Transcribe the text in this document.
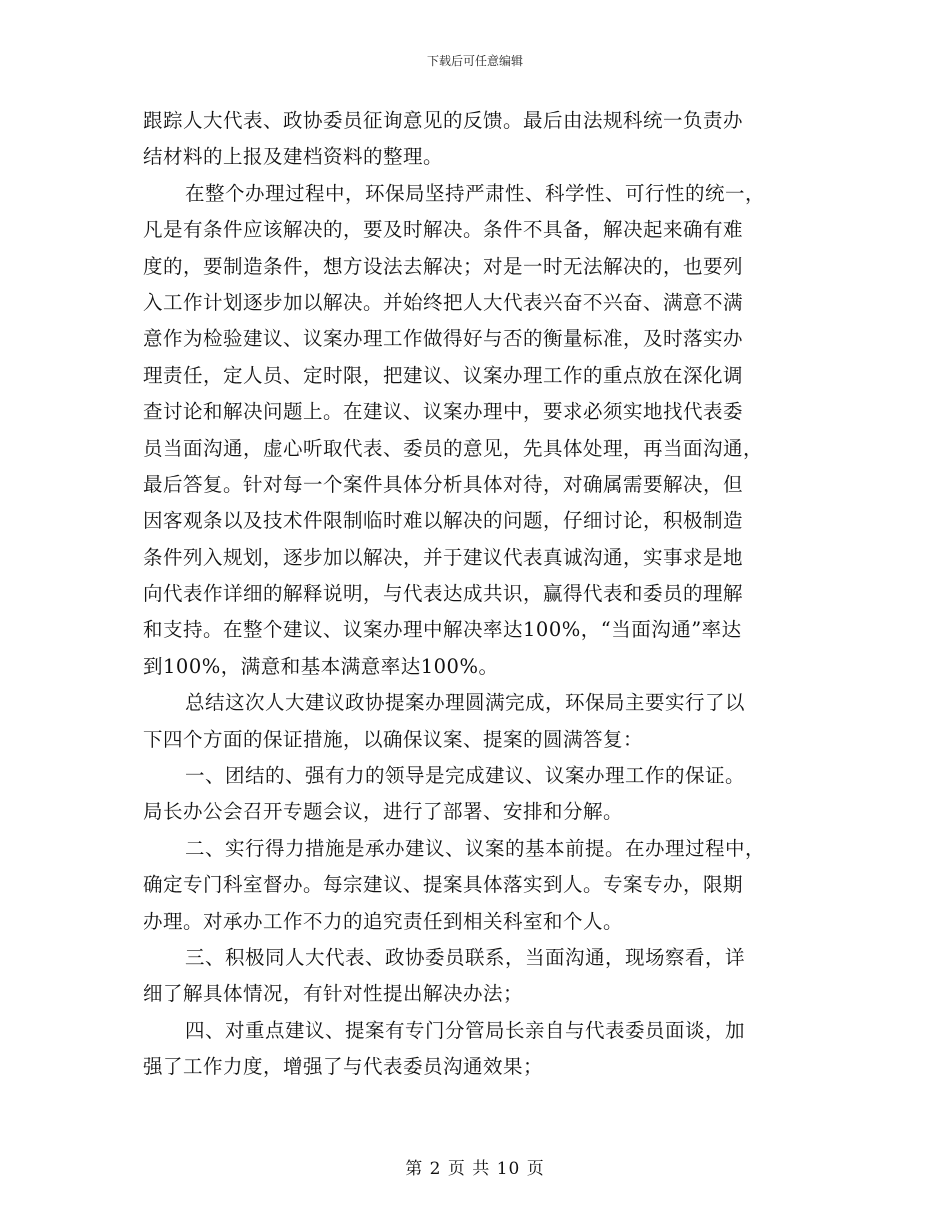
下载后可任意编辑
跟踪人大代表、政协委员征询意见的反馈。最后由法规科统一负责办
结材料的上报及建档资料的整理。
在整个办理过程中，环保局坚持严肃性、科学性、可行性的统一，
凡是有条件应该解决的，要及时解决。条件不具备，解决起来确有难
度的，要制造条件，想方设法去解决；对是一时无法解决的，也要列
入工作计划逐步加以解决。并始终把人大代表兴奋不兴奋、满意不满
意作为检验建议、议案办理工作做得好与否的衡量标准，及时落实办
理责任，定人员、定时限，把建议、议案办理工作的重点放在深化调
查讨论和解决问题上。在建议、议案办理中，要求必须实地找代表委
员当面沟通，虚心听取代表、委员的意见，先具体处理，再当面沟通，
最后答复。针对每一个案件具体分析具体对待，对确属需要解决，但
因客观条以及技术件限制临时难以解决的问题，仔细讨论，积极制造
条件列入规划，逐步加以解决，并于建议代表真诚沟通，实事求是地
向代表作详细的解释说明，与代表达成共识，赢得代表和委员的理解
和支持。在整个建议、议案办理中解决率达100%，“当面沟通”率达
到100%，满意和基本满意率达100%。
总结这次人大建议政协提案办理圆满完成，环保局主要实行了以
下四个方面的保证措施，以确保议案、提案的圆满答复：
一、团结的、强有力的领导是完成建议、议案办理工作的保证。
局长办公会召开专题会议，进行了部署、安排和分解。
二、实行得力措施是承办建议、议案的基本前提。在办理过程中，
确定专门科室督办。每宗建议、提案具体落实到人。专案专办，限期
办理。对承办工作不力的追究责任到相关科室和个人。
三、积极同人大代表、政协委员联系，当面沟通，现场察看，详
细了解具体情况，有针对性提出解决办法；
四、对重点建议、提案有专门分管局长亲自与代表委员面谈，加
强了工作力度，增强了与代表委员沟通效果；
第 2 页 共 10 页
